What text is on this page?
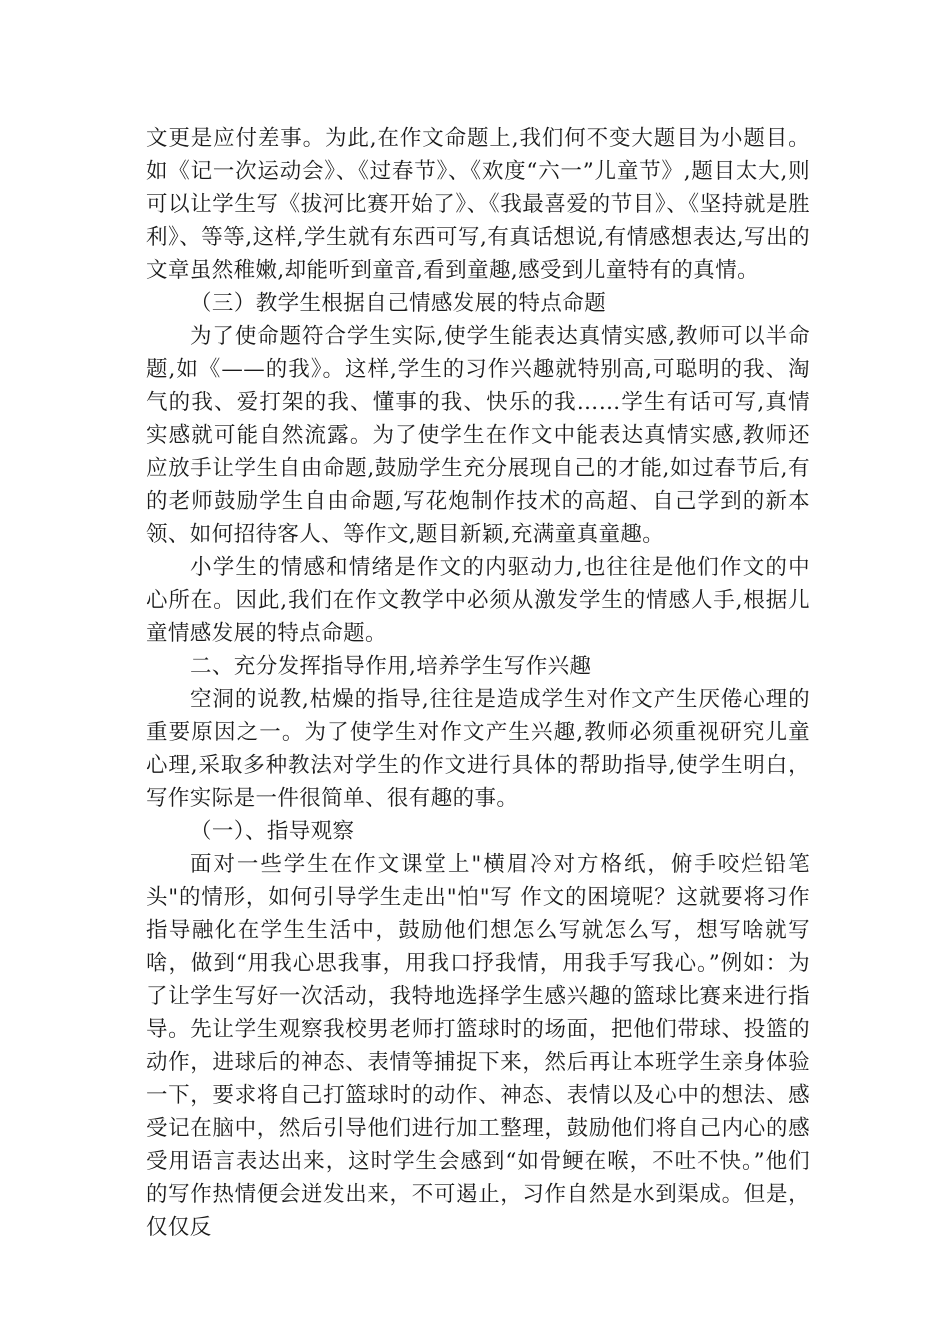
文更是应付差事。为此,在作文命题上,我们何不变大题目为小题目。如《记一次运动会》、《过春节》、《欢度“六一”儿童节》,题目太大,则可以让学生写《拔河比赛开始了》、《我最喜爱的节目》、《坚持就是胜利》、等等,这样,学生就有东西可写,有真话想说,有情感想表达,写出的文章虽然稚嫩,却能听到童音,看到童趣,感受到儿童特有的真情。

（三）教学生根据自己情感发展的特点命题

为了使命题符合学生实际,使学生能表达真情实感,教师可以半命题,如《——的我》。这样,学生的习作兴趣就特别高,可聪明的我、淘气的我、爱打架的我、懂事的我、快乐的我……学生有话可写,真情实感就可能自然流露。为了使学生在作文中能表达真情实感,教师还应放手让学生自由命题,鼓励学生充分展现自己的才能,如过春节后,有的老师鼓励学生自由命题,写花炮制作技术的高超、自己学到的新本领、如何招待客人、等作文,题目新颖,充满童真童趣。

小学生的情感和情绪是作文的内驱动力,也往往是他们作文的中心所在。因此,我们在作文教学中必须从激发学生的情感人手,根据儿童情感发展的特点命题。

二、充分发挥指导作用,培养学生写作兴趣

空洞的说教,枯燥的指导,往往是造成学生对作文产生厌倦心理的重要原因之一。为了使学生对作文产生兴趣,教师必须重视研究儿童心理,采取多种教法对学生的作文进行具体的帮助指导,使学生明白，写作实际是一件很简单、很有趣的事。

（一）、指导观察

面对一些学生在作文课堂上"横眉冷对方格纸，俯手咬烂铅笔头"的情形，如何引导学生走出"怕"写 作文的困境呢？这就要将习作指导融化在学生生活中，鼓励他们想怎么写就怎么写，想写啥就写啥，做到“用我心思我事，用我口抒我情，用我手写我心。”例如：为了让学生写好一次活动，我特地选择学生感兴趣的篮球比赛来进行指导。先让学生观察我校男老师打篮球时的场面，把他们带球、投篮的动作，进球后的神态、表情等捕捉下来，然后再让本班学生亲身体验一下，要求将自己打篮球时的动作、神态、表情以及心中的想法、感受记在脑中，然后引导他们进行加工整理，鼓励他们将自己内心的感受用语言表达出来，这时学生会感到“如骨鲠在喉，不吐不快。”他们的写作热情便会迸发出来，不可遏止，习作自然是水到渠成。但是，仅仅反
